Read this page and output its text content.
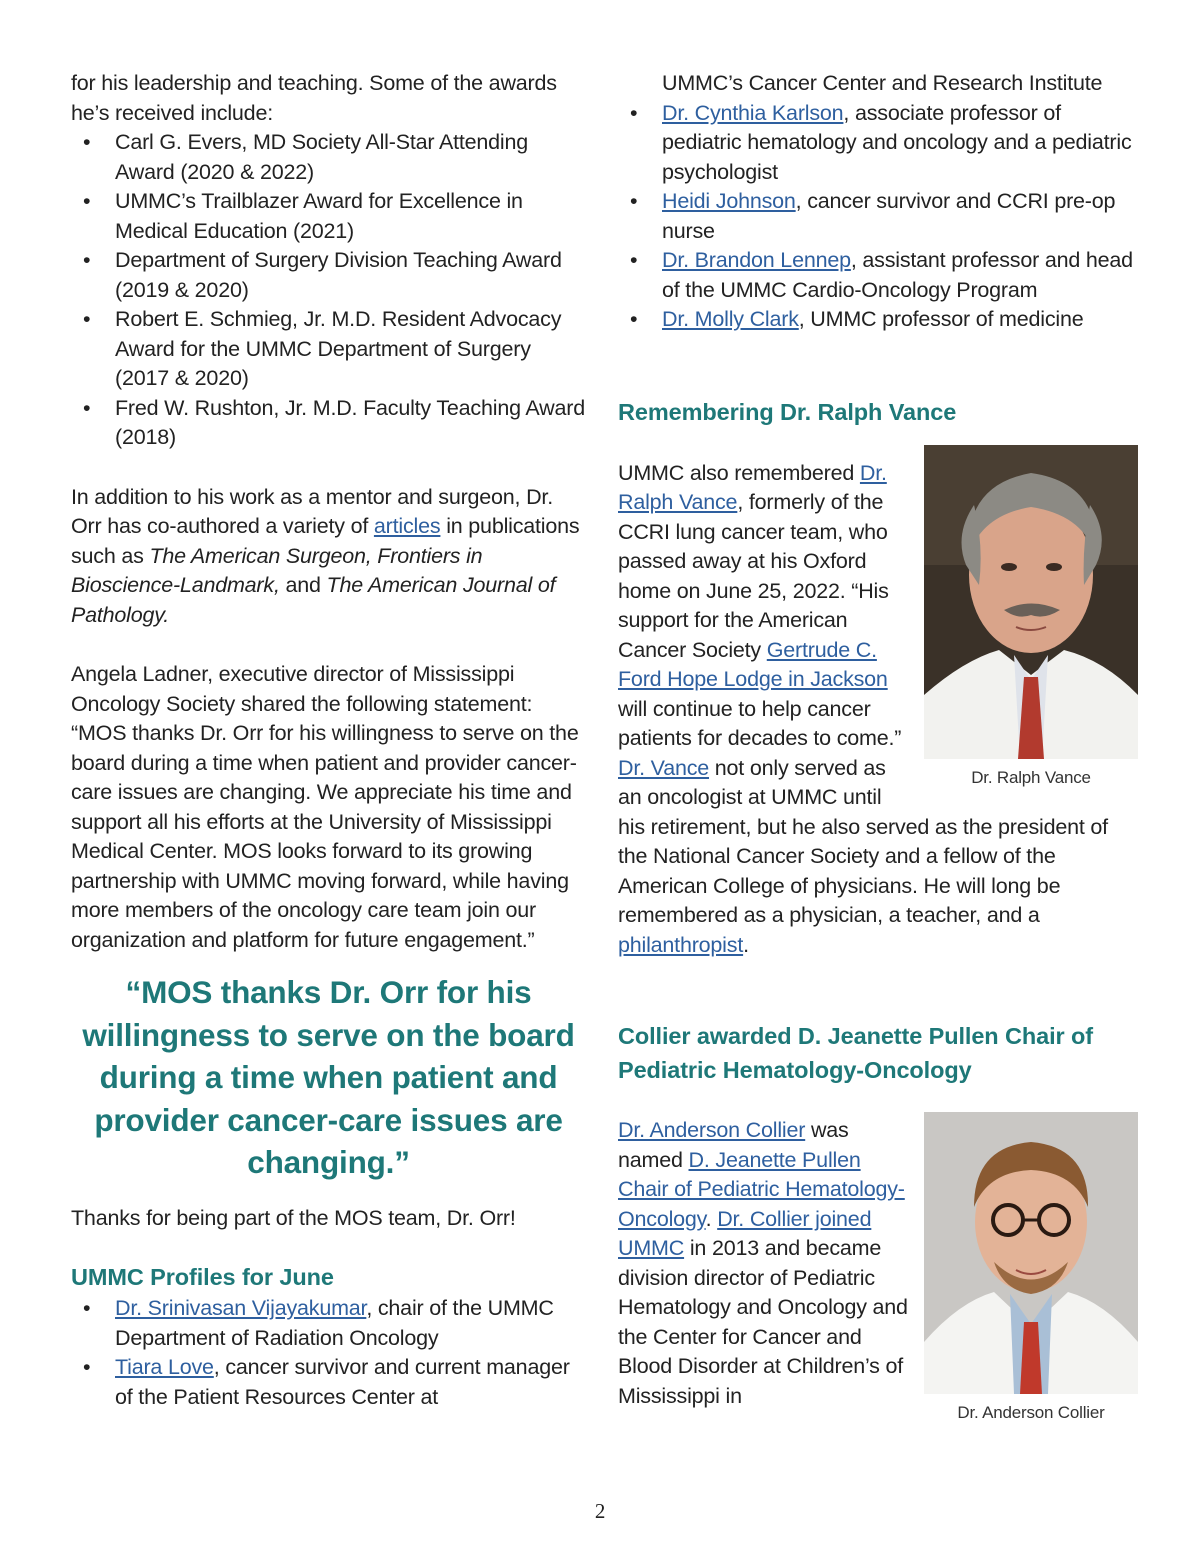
for his leadership and teaching. Some of the awards he’s received include:

• Carl G. Evers, MD Society All-Star Attending Award (2020 & 2022)
• UMMC’s Trailblazer Award for Excellence in Medical Education (2021)
• Department of Surgery Division Teaching Award (2019 & 2020)
• Robert E. Schmieg, Jr. M.D. Resident Advocacy Award for the UMMC Department of Surgery (2017 & 2020)
• Fred W. Rushton, Jr. M.D. Faculty Teaching Award (2018)

In addition to his work as a mentor and surgeon, Dr. Orr has co-authored a variety of articles in publications such as The American Surgeon, Frontiers in Bioscience-Landmark, and The American Journal of Pathology.

Angela Ladner, executive director of Mississippi Oncology Society shared the following statement: “MOS thanks Dr. Orr for his willingness to serve on the board during a time when patient and provider cancer-care issues are changing. We appreciate his time and support all his efforts at the University of Mississippi Medical Center. MOS looks forward to its growing partnership with UMMC moving forward, while having more members of the oncology care team join our organization and platform for future engagement.”

“MOS thanks Dr. Orr for his willingness to serve on the board during a time when patient and provider cancer-care issues are changing.”

Thanks for being part of the MOS team, Dr. Orr!

UMMC Profiles for June
• Dr. Srinivasan Vijayakumar, chair of the UMMC Department of Radiation Oncology
• Tiara Love, cancer survivor and current manager of the Patient Resources Center at

UMMC’s Cancer Center and Research Institute

• Dr. Cynthia Karlson, associate professor of pediatric hematology and oncology and a pediatric psychologist
• Heidi Johnson, cancer survivor and CCRI pre-op nurse
• Dr. Brandon Lennep, assistant professor and head of the UMMC Cardio-Oncology Program
• Dr. Molly Clark, UMMC professor of medicine
Remembering Dr. Ralph Vance
Dr. Ralph Vance

UMMC also remembered Dr. Ralph Vance, formerly of the CCRI lung cancer team, who passed away at his Oxford home on June 25, 2022. “His support for the American Cancer Society Gertrude C. Ford Hope Lodge in Jackson will continue to help cancer patients for decades to come.” Dr. Vance not only served as an oncologist at UMMC until his retirement, but he also served as the president of the National Cancer Society and a fellow of the American College of physicians. He will long be remembered as a physician, a teacher, and a philanthropist.

Collier awarded D. Jeanette Pullen Chair of Pediatric Hematology-Oncology
Dr. Anderson Collier

Dr. Anderson Collier was named D. Jeanette Pullen Chair of Pediatric Hematology-Oncology. Dr. Collier joined UMMC in 2013 and became division director of Pediatric Hematology and Oncology and the Center for Cancer and Blood Disorder at Children’s of Mississippi in

2
